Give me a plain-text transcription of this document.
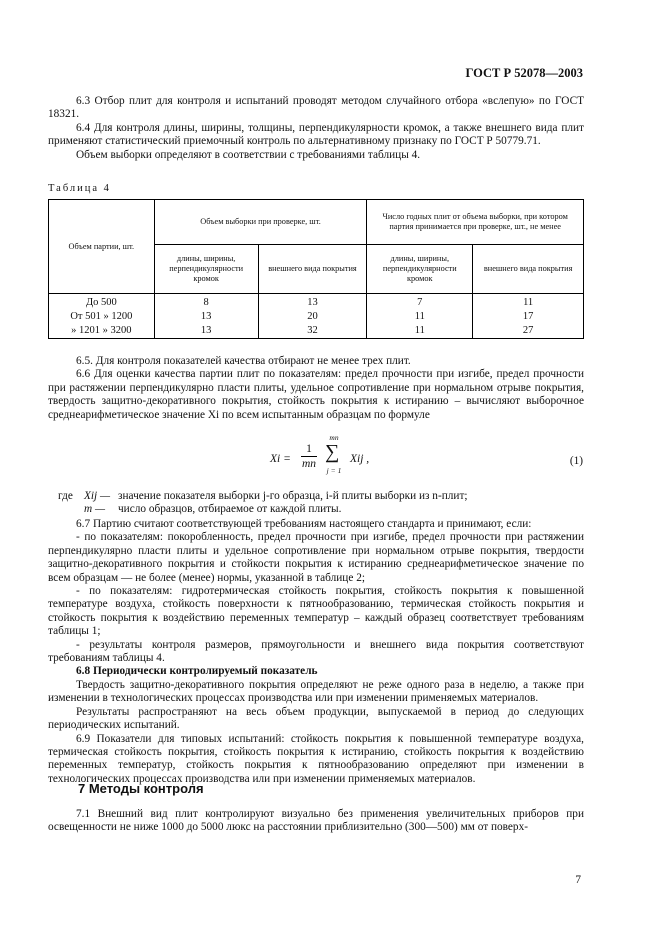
ГОСТ Р 52078—2003

6.3 Отбор плит для контроля и испытаний проводят методом случайного отбора «вслепую» по ГОСТ 18321.

6.4 Для контроля длины, ширины, толщины, перпендикулярности кромок, а также внешнего вида плит применяют статистический приемочный контроль по альтернативному признаку по ГОСТ Р 50779.71.

Объем выборки определяют в соответствии с требованиями таблицы 4.

Таблица 4
Объем партии, шт.	Объем выборки при проверке, шт.		Число годных плит от объема выборки, при котором партия принимается при проверке, шт., не менее	
	длины, ширины, перпендикулярности кромок	внешнего вида покрытия	длины, ширины, перпендикулярности кромок	внешнего вида покрытия
До 500	8	13	7	11
От 501 » 1200	13	20	11	17
» 1201 » 3200	13	32	11	27

6.5. Для контроля показателей качества отбирают не менее трех плит.

6.6 Для оценки качества партии плит по показателям: предел прочности при изгибе, предел прочности при растяжении перпендикулярно пласти плиты, удельное сопротивление при нормальном отрыве покрытия, твердость защитно-декоративного покрытия, стойкость покрытия к истиранию – вычисляют выборочное среднеарифметическое значение Xi по всем испытанным образцам по формуле

Xi =
1
mn
mn
∑
j = 1
Xij ,	(1)
где Xij — значение показателя выборки j-го образца, i-й плиты выборки из n-плит;
m —	число образцов, отбираемое от каждой плиты.

6.7 Партию считают соответствующей требованиям настоящего стандарта и принимают, если:

- по показателям: покоробленность, предел прочности при изгибе, предел прочности при растяжении перпендикулярно пласти плиты и удельное сопротивление при нормальном отрыве покрытия, твердости защитно-декоративного покрытия и стойкости покрытия к истиранию среднеарифметическое значение по всем образцам — не более (менее) нормы, указанной в таблице 2;

- по показателям: гидротермическая стойкость покрытия, стойкость покрытия к повышенной температуре воздуха, стойкость поверхности к пятнообразованию, термическая стойкость покрытия и стойкость покрытия к воздействию переменных температур – каждый образец соответствует требованиям таблицы 1;

- результаты контроля размеров, прямоугольности и внешнего вида покрытия соответствуют требованиям таблицы 4.

6.8 Периодически контролируемый показатель

Твердость защитно-декоративного покрытия определяют не реже одного раза в неделю, а также при изменении в технологических процессах производства или при изменении применяемых материалов.

Результаты распространяют на весь объем продукции, выпускаемой в период до следующих периодических испытаний.

6.9 Показатели для типовых испытаний: стойкость покрытия к повышенной температуре воздуха, термическая стойкость покрытия, стойкость покрытия к истиранию, стойкость покрытия к воздействию переменных температур, стойкость покрытия к пятнообразованию определяют при изменении в технологических процессах производства или при изменении применяемых материалов.

7 Методы контроля

7.1 Внешний вид плит контролируют визуально без применения увеличительных приборов при освещенности не ниже 1000 до 5000 люкс на расстоянии приблизительно (300—500) мм от поверх-

7
